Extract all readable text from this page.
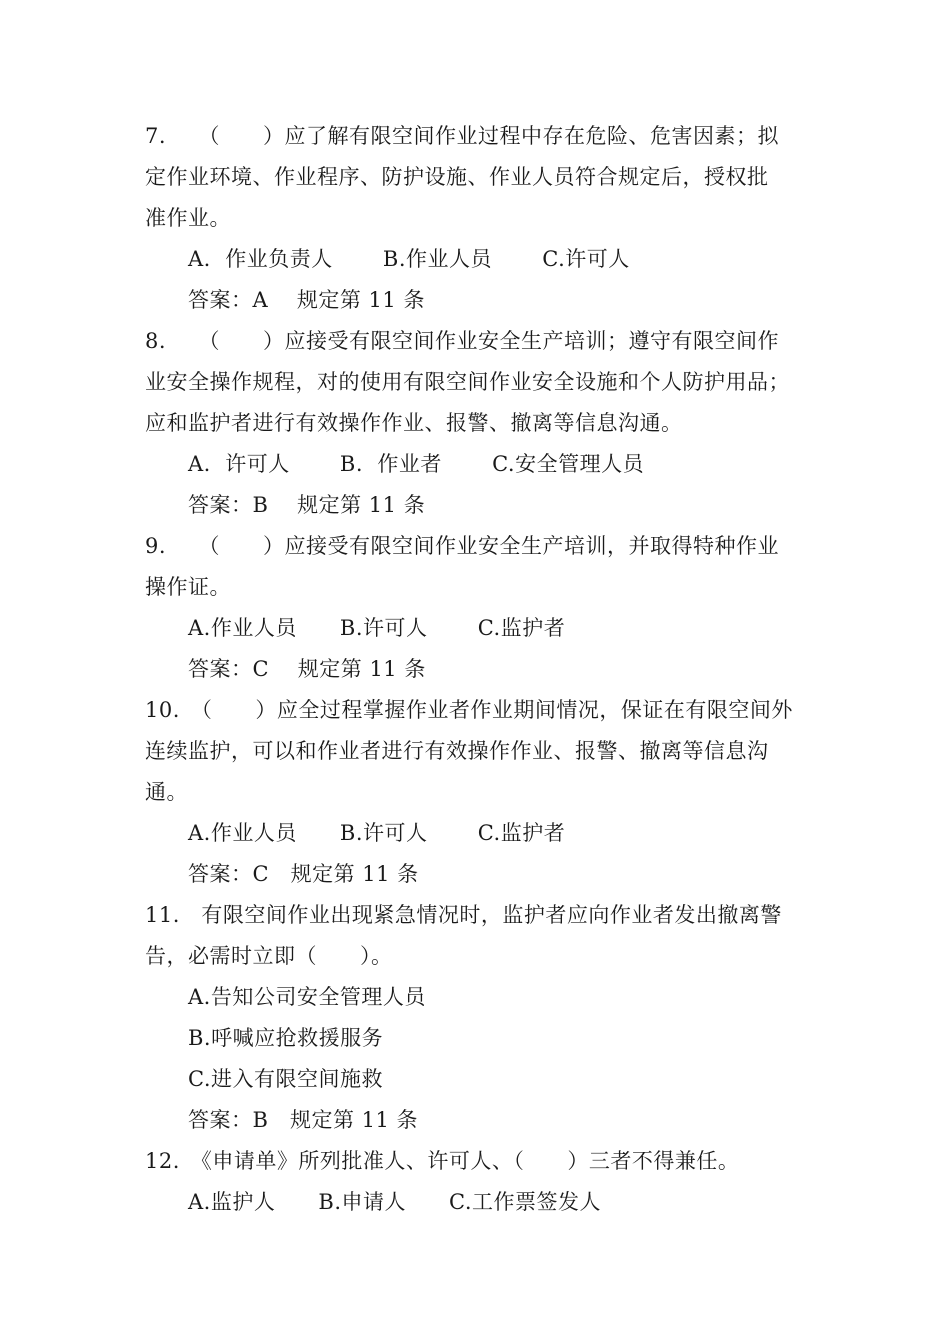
7.　　（　　）应了解有限空间作业过程中存在危险、危害因素；拟
定作业环境、作业程序、防护设施、作业人员符合规定后，授权批
准作业。
A.  作业负责人       B.作业人员       C.许可人
答案：A    规定第 11 条
8.　　（　　）应接受有限空间作业安全生产培训；遵守有限空间作
业安全操作规程，对的使用有限空间作业安全设施和个人防护用品；
应和监护者进行有效操作作业、报警、撤离等信息沟通。
A.  许可人       B.  作业者       C.安全管理人员
答案：B    规定第 11 条
9.　　（　　）应接受有限空间作业安全生产培训，并取得特种作业
操作证。
A.作业人员      B.许可人       C.监护者
答案：C    规定第 11 条
10.　（　　）应全过程掌握作业者作业期间情况，保证在有限空间外
连续监护，可以和作业者进行有效操作作业、报警、撤离等信息沟
通。
A.作业人员      B.许可人       C.监护者
答案：C   规定第 11 条
11.　有限空间作业出现紧急情况时，监护者应向作业者发出撤离警
告，必需时立即（　　）。
A.告知公司安全管理人员
B.呼喊应抢救援服务
C.进入有限空间施救
答案：B   规定第 11 条
12.　《申请单》所列批准人、许可人、（　　）三者不得兼任。
A.监护人      B.申请人      C.工作票签发人
